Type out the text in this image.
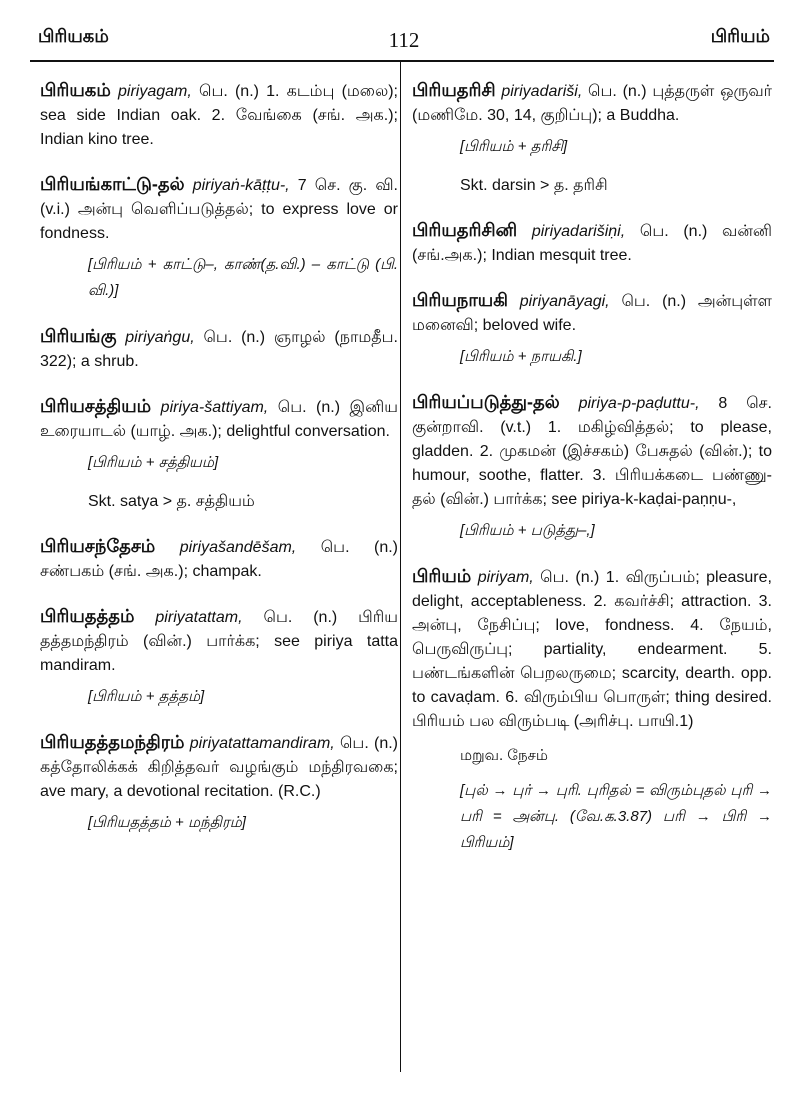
பிரியகம்	112	பிரியம்
பிரியகம் piriyagam, பெ. (n.) 1. கடம்பு (மலை); sea side Indian oak. 2. வேங்கை (சங். அக.); Indian kino tree.
பிரியங்காட்டு-தல் piriyaṅ-kāṭṭu-, 7 செ. கு. வி. (v.i.) அன்பு வெளிப்படுத்தல்; to express love or fondness.
[பிரியம் + காட்டு–, காண்(த.வி.) – காட்டு (பி. வி.)]
பிரியங்கு piriyaṅgu, பெ. (n.) ஞாழல் (நாமதீப. 322); a shrub.
பிரியசத்தியம் piriya-šattiyam, பெ. (n.) இனிய உரையாடல் (யாழ். அக.); delightful conversation.
[பிரியம் + சத்தியம்]
Skt. satya > த. சத்தியம்
பிரியசந்தேசம் piriyašandēšam, பெ. (n.) சண்பகம் (சங். அக.); champak.
பிரியதத்தம் piriyatattam, பெ. (n.) பிரிய தத்தமந்திரம் (வின்.) பார்க்க; see piriya tatta mandiram.
[பிரியம் + தத்தம்]
பிரியதத்தமந்திரம் piriyatattamandiram, பெ. (n.) கத்தோலிக்கக் கிறித்தவர் வழங்கும் மந்திரவகை; ave mary, a devotional recitation. (R.C.)
[பிரியதத்தம் + மந்திரம்]
பிரியதரிசி piriyadariši, பெ. (n.) புத்தருள் ஒருவர் (மணிமே. 30, 14, குறிப்பு); a Buddha.
[பிரியம் + தரிசி]
Skt. darsin > த. தரிசி
பிரியதரிசினி piriyadarišiṇi, பெ. (n.) வன்னி (சங்.அக.); Indian mesquit tree.
பிரியநாயகி piriyanāyagi, பெ. (n.) அன்புள்ள மனைவி; beloved wife.
[பிரியம் + நாயகி.]
பிரியப்படுத்து-தல் piriya-p-paḍuttu-, 8 செ. குன்றாவி. (v.t.) 1. மகிழ்வித்தல்; to please, gladden. 2. முகமன் (இச்சகம்) பேசுதல் (வின்.); to humour, soothe, flatter. 3. பிரியக்கடை பண்ணு-தல் (வின்.) பார்க்க; see piriya-k-kaḍai-paṇṇu-,
[பிரியம் + படுத்து–,]
பிரியம் piriyam, பெ. (n.) 1. விருப்பம்; pleasure, delight, acceptableness. 2. கவர்ச்சி; attraction. 3. அன்பு, நேசிப்பு; love, fondness. 4. நேயம், பெருவிருப்பு; partiality, endearment. 5. பண்டங்களின் பெறலருமை; scarcity, dearth. opp. to cavaḍam. 6. விரும்பிய பொருள்; thing desired. பிரியம் பல விரும்படி (அரிச்பு. பாயி.1)
மறுவ. நேசம்
[புல் → புர் → புரி. புரிதல் = விரும்புதல் புரி → பரி = அன்பு. (வே.க.3.87) பரி → பிரி → பிரியம்]
